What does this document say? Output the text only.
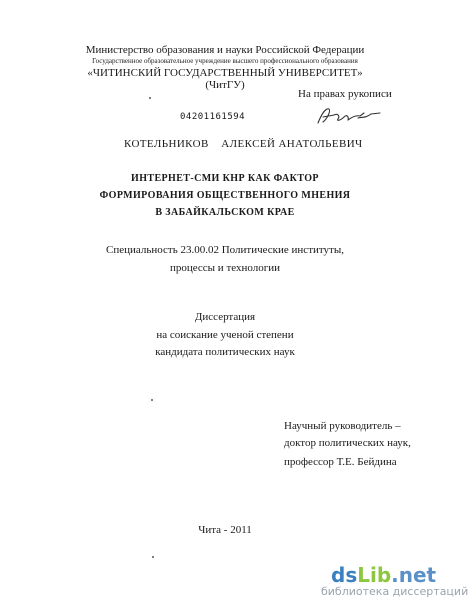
Министерство образования и науки Российской Федерации
Государственное образовательное учреждение высшего профессионального образования
«ЧИТИНСКИЙ ГОСУДАРСТВЕННЫЙ УНИВЕРСИТЕТ»
(ЧитГУ)
На правах рукописи
04201161594
КОТЕЛЬНИКОВ    АЛЕКСЕЙ АНАТОЛЬЕВИЧ
ИНТЕРНЕТ-СМИ КНР КАК ФАКТОР
ФОРМИРОВАНИЯ ОБЩЕСТВЕННОГО МНЕНИЯ
В ЗАБАЙКАЛЬСКОМ КРАЕ
Специальность 23.00.02 Политические институты,
процессы и технологии
Диссертация
на соискание ученой степени
кандидата политических наук
Научный руководитель –
доктор политических наук,
профессор Т.Е. Бейдина
Чита - 2011
dsLib.net
библиотека диссертаций
